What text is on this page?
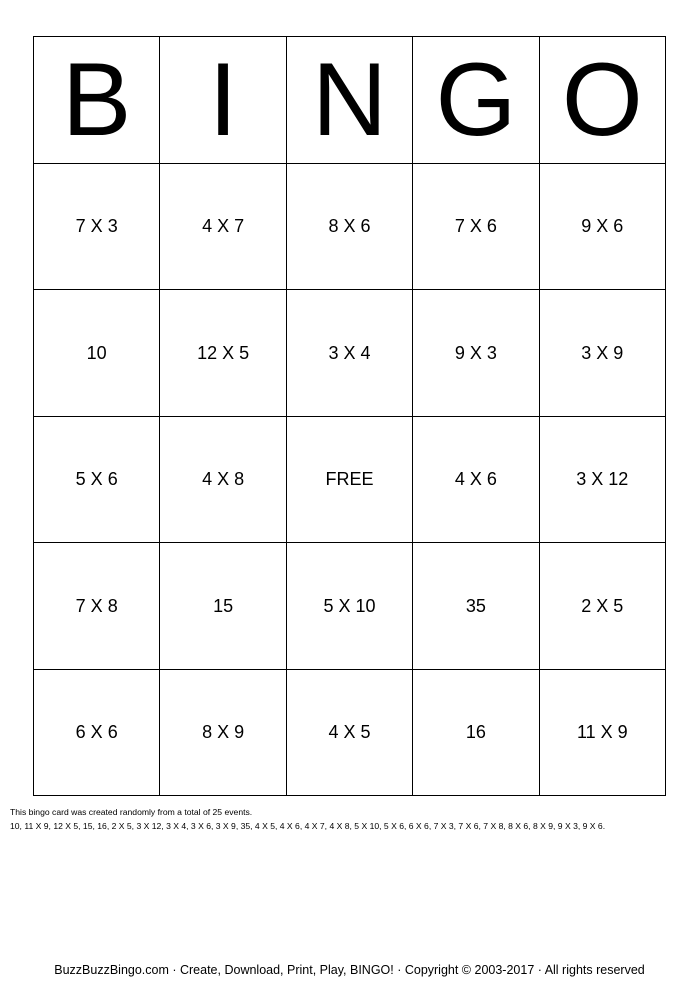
B I N G O
7 X 3	4 X 7	8 X 6	7 X 6	9 X 6
10	12 X 5	3 X 4	9 X 3	3 X 9
5 X 6	4 X 8	FREE	4 X 6	3 X 12
7 X 8	15	5 X 10	35	2 X 5
6 X 6	8 X 9	4 X 5	16	11 X 9
This bingo card was created randomly from a total of 25 events.
10, 11 X 9, 12 X 5, 15, 16, 2 X 5, 3 X 12, 3 X 4, 3 X 6, 3 X 9, 35, 4 X 5, 4 X 6, 4 X 7, 4 X 8, 5 X 10, 5 X 6, 6 X 6, 7 X 3, 7 X 6, 7 X 8, 8 X 6, 8 X 9, 9 X 3, 9 X 6.
BuzzBuzzBingo.com · Create, Download, Print, Play, BINGO! · Copyright © 2003-2017 · All rights reserved
